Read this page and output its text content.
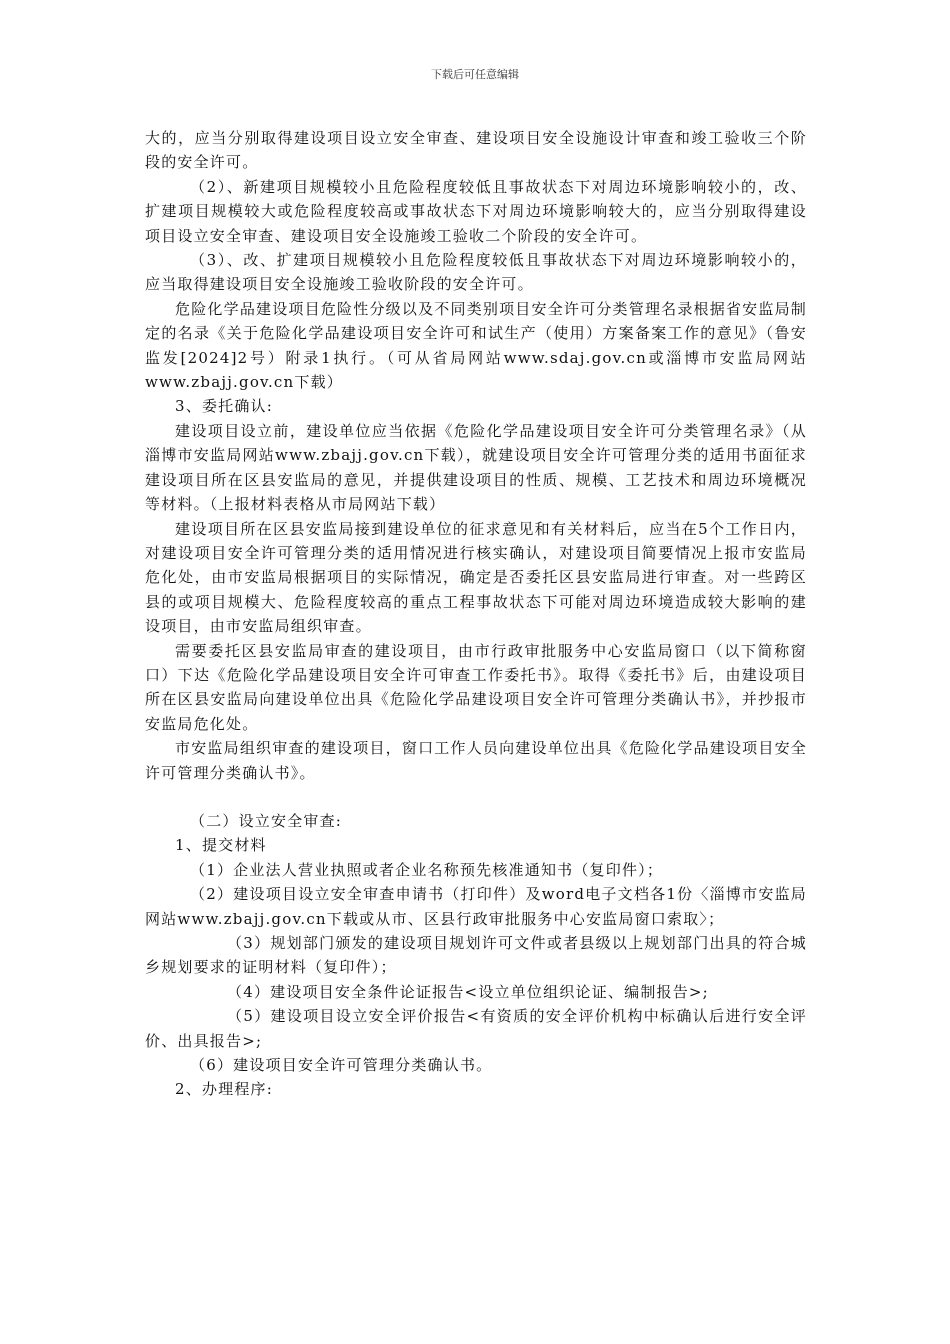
下载后可任意编辑

大的，应当分别取得建设项目设立安全审查、建设项目安全设施设计审查和竣工验收三个阶段的安全许可。

（2）、新建项目规模较小且危险程度较低且事故状态下对周边环境影响较小的，改、扩建项目规模较大或危险程度较高或事故状态下对周边环境影响较大的，应当分别取得建设项目设立安全审查、建设项目安全设施竣工验收二个阶段的安全许可。

（3）、改、扩建项目规模较小且危险程度较低且事故状态下对周边环境影响较小的，应当取得建设项目安全设施竣工验收阶段的安全许可。

危险化学品建设项目危险性分级以及不同类别项目安全许可分类管理名录根据省安监局制定的名录《关于危险化学品建设项目安全许可和试生产（使用）方案备案工作的意见》（鲁安监发[2024]2号）附录1执行。（可从省局网站www.sdaj.gov.cn或淄博市安监局网站www.zbajj.gov.cn下载）

3、委托确认:

建设项目设立前，建设单位应当依据《危险化学品建设项目安全许可分类管理名录》（从淄博市安监局网站www.zbajj.gov.cn下载），就建设项目安全许可管理分类的适用书面征求建设项目所在区县安监局的意见，并提供建设项目的性质、规模、工艺技术和周边环境概况等材料。（上报材料表格从市局网站下载）

建设项目所在区县安监局接到建设单位的征求意见和有关材料后，应当在5个工作日内，对建设项目安全许可管理分类的适用情况进行核实确认，对建设项目简要情况上报市安监局危化处，由市安监局根据项目的实际情况，确定是否委托区县安监局进行审查。对一些跨区县的或项目规模大、危险程度较高的重点工程事故状态下可能对周边环境造成较大影响的建设项目，由市安监局组织审查。

需要委托区县安监局审查的建设项目，由市行政审批服务中心安监局窗口（以下简称窗口）下达《危险化学品建设项目安全许可审查工作委托书》。取得《委托书》后，由建设项目所在区县安监局向建设单位出具《危险化学品建设项目安全许可管理分类确认书》，并抄报市安监局危化处。

市安监局组织审查的建设项目，窗口工作人员向建设单位出具《危险化学品建设项目安全许可管理分类确认书》。

（二）设立安全审查:

1、提交材料

（1）企业法人营业执照或者企业名称预先核准通知书（复印件）；

（2）建设项目设立安全审查申请书（打印件）及word电子文档各1份〈淄博市安监局网站www.zbajj.gov.cn下载或从市、区县行政审批服务中心安监局窗口索取〉；

（3）规划部门颁发的建设项目规划许可文件或者县级以上规划部门出具的符合城乡规划要求的证明材料（复印件）；

（4）建设项目安全条件论证报告<设立单位组织论证、编制报告>;

（5）建设项目设立安全评价报告<有资质的安全评价机构中标确认后进行安全评价、出具报告>;

（6）建设项目安全许可管理分类确认书。

2、办理程序:
